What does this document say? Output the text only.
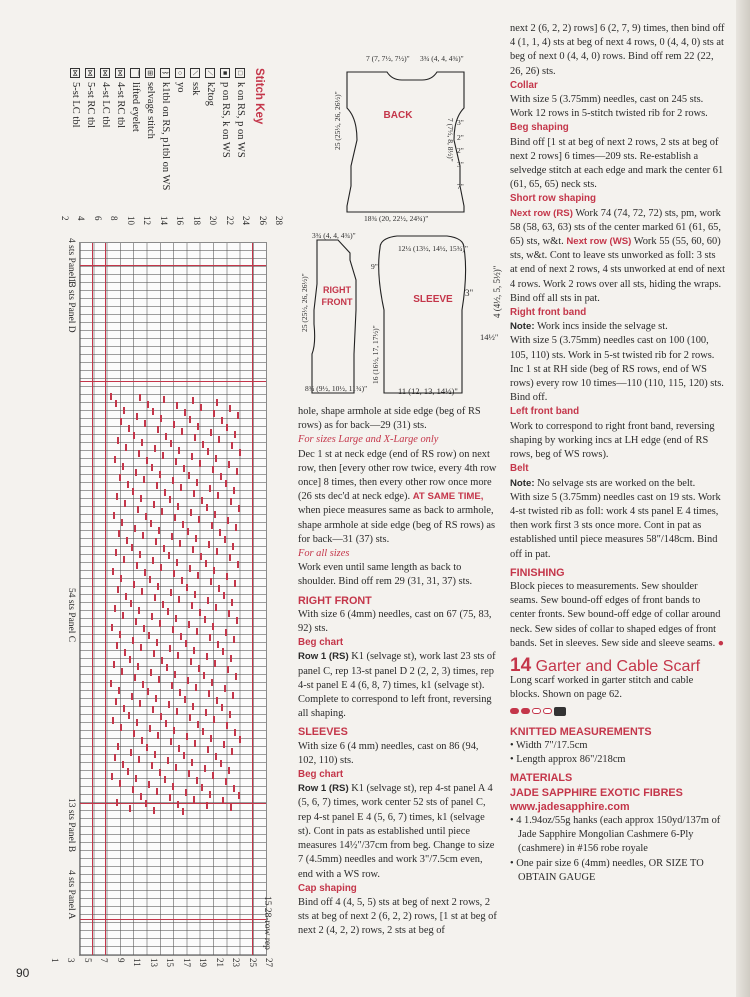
Stitch Key
□k on RS, p on WS
■p on RS, k on WS
⟋k2tog
⟍ssk
○yo
ᛒk1tbl on RS, p1tbl on WS
⊞selvage stitch
⌒lifted eyelet
⋈4-st RC tbl
⋈4-st LC tbl
⋈5-st RC tbl
⋈5-st LC tbl
28
26
24
22
20
18
16
14
12
10
8
6
4
2
27
25
23
21
19
17
15
13
11
9
7
5
3
1
15 28-row rep
4 sts Panel E
13 sts Panel D
54 sts Panel C
13 sts Panel B
4 sts Panel A
BACK
7 (7, 7½, 7½)" 3¾ (4, 4, 4¾)"
7 (7½, 8, 8½)"
25 (25½, 26, 26½)"	3"
2"
2"
3"
7"
18¾ (20, 22½, 24¾)"
3¾ (4, 4, 4¾)"
RIGHT
FRONT
9"
25 (25½, 26, 26½)"
16 (16½, 17, 17½)"
8¾ (9½, 10½, 11¾)"
12¼ (13½, 14½, 15¾)"
SLEEVE
3" 4 (4½, 5, 5½)"
14½"
11 (12, 13, 14½)"

hole, shape armhole at side edge (beg of RS rows) as for back—29 (31) sts.

For sizes Large and X-Large only

Dec 1 st at neck edge (end of RS row) on next row, then [every other row twice, every 4th row once] 8 times, then every other row once more (26 sts dec'd at neck edge). AT SAME TIME, when piece measures same as back to armhole, shape armhole at side edge (beg of RS rows) as for back—31 (37) sts.

For all sizes

Work even until same length as back to shoulder. Bind off rem 29 (31, 31, 37) sts.

RIGHT FRONT

With size 6 (4mm) needles, cast on 67 (75, 83, 92) sts.

Beg chart

Row 1 (RS) K1 (selvage st), work last 23 sts of panel C, rep 13-st panel D 2 (2, 2, 3) times, rep 4-st panel E 4 (6, 8, 7) times, k1 (selvage st). Complete to correspond to left front, reversing all shaping.

SLEEVES

With size 6 (4 mm) needles, cast on 86 (94, 102, 110) sts.

Beg chart

Row 1 (RS) K1 (selvage st), rep 4-st panel A 4 (5, 6, 7) times, work center 52 sts of panel C, rep 4-st panel E 4 (5, 6, 7) times, k1 (selvage st). Cont in pats as established until piece measures 14½"/37cm from beg. Change to size 7 (4.5mm) needles and work 3"/7.5cm even, end with a WS row.

Cap shaping

Bind off 4 (4, 5, 5) sts at beg of next 2 rows, 2 sts at beg of next 2 (6, 2, 2) rows, [1 st at beg of next 2 (4, 2, 2) rows, 2 sts at beg of

next 2 (6, 2, 2) rows] 6 (2, 7, 9) times, then bind off 4 (1, 1, 4) sts at beg of next 4 rows, 0 (4, 4, 0) sts at beg of next 0 (4, 4, 0) rows. Bind off rem 22 (22, 26, 26) sts.

Collar

With size 5 (3.75mm) needles, cast on 245 sts. Work 12 rows in 5-stitch twisted rib for 2 rows.

Beg shaping

Bind off [1 st at beg of next 2 rows, 2 sts at beg of next 2 rows] 6 times—209 sts. Re-establish a selvedge stitch at each edge and mark the center 61 (61, 65, 65) neck sts.

Short row shaping

Next row (RS) Work 74 (74, 72, 72) sts, pm, work 58 (58, 63, 63) sts of the center marked 61 (61, 65, 65) sts, w&t. Next row (WS) Work 55 (55, 60, 60) sts, w&t. Cont to leave sts unworked as foll: 3 sts at end of next 2 rows, 4 sts unworked at end of next 4 rows. Work 2 rows over all sts, hiding the wraps. Bind off all sts in pat.

Right front band

Note: Work incs inside the selvage st.

With size 5 (3.75mm) needles cast on 100 (100, 105, 110) sts. Work in 5-st twisted rib for 2 rows. Inc 1 st at RH side (beg of RS rows, end of WS rows) every row 10 times—110 (110, 115, 120) sts. Bind off.

Left front band

Work to correspond to right front band, reversing shaping by working incs at LH edge (end of RS rows, beg of WS rows).

Belt

Note: No selvage sts are worked on the belt.

With size 5 (3.75mm) needles cast on 19 sts. Work 4-st twisted rib as foll: work 4 sts panel E 4 times, then work first 3 sts once more. Cont in pat as established until piece measures 58"/148cm. Bind off in pat.

FINISHING

Block pieces to measurements. Sew shoulder seams. Sew bound-off edges of front bands to center fronts. Sew bound-off edge of collar around neck. Sew sides of collar to shaped edges of front bands. Set in sleeves. Sew side and sleeve seams. ●

14 Garter and Cable Scarf

Long scarf worked in garter stitch and cable blocks. Shown on page 62.

KNITTED MEASUREMENTS

• Width 7"/17.5cm

• Length approx 86"/218cm

MATERIALS

JADE SAPPHIRE EXOTIC FIBRES

www.jadesapphire.com

• 4 1.94oz/55g hanks (each approx 150yd/137m of Jade Sapphire Mongolian Cashmere 6-Ply (cashmere) in #156 robe royale

• One pair size 6 (4mm) needles, OR SIZE TO OBTAIN GAUGE

90
